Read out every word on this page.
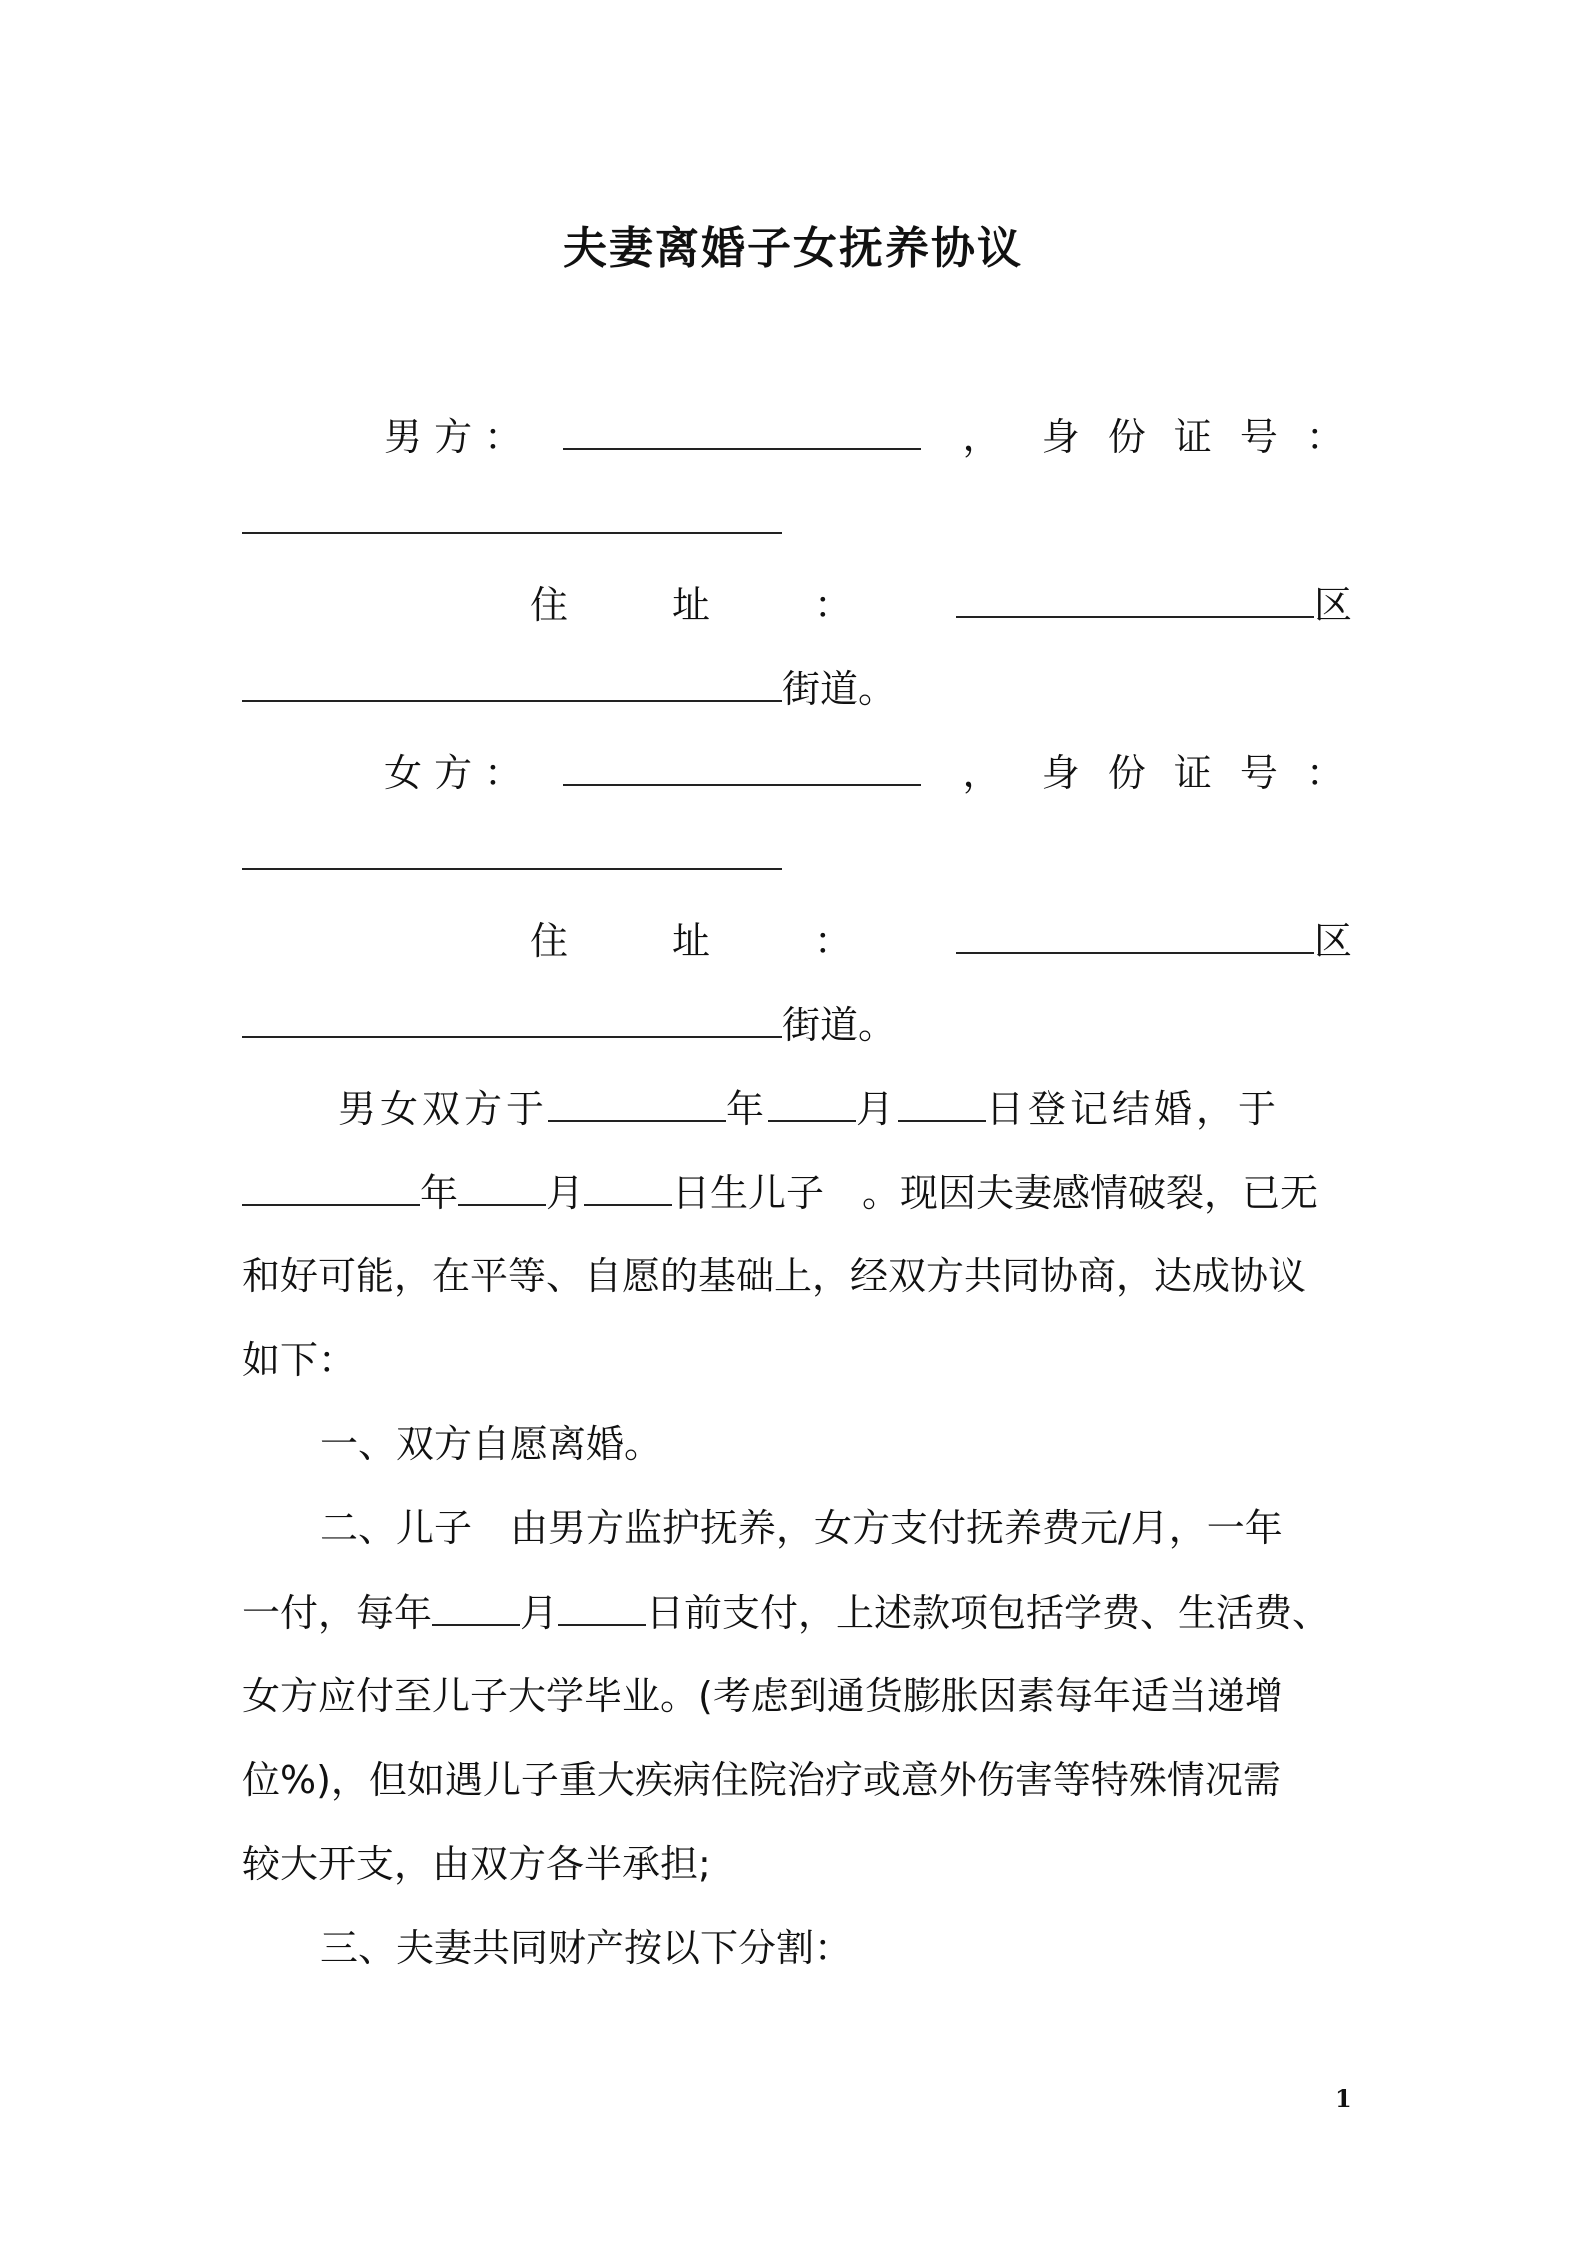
夫妻离婚子女抚养协议
男 方 ：	， 身 份 证 号 ：
住	址	：	区
街道。
女 方 ：	， 身 份 证 号 ：
住	址	：	区
街道。
男女双方于	年 月 日登记结婚，于
年 月 日生儿子　。现因夫妻感情破裂，已无
和好可能，在平等、自愿的基础上，经双方共同协商，达成协议
如下：
一、双方自愿离婚。
二、儿子　由男方监护抚养，女方支付抚养费元/月，一年
一付，每年 月 日前支付，上述款项包括学费、生活费、
女方应付至儿子大学毕业。(考虑到通货膨胀因素每年适当递增
位%)，但如遇儿子重大疾病住院治疗或意外伤害等特殊情况需
较大开支，由双方各半承担;
三、夫妻共同财产按以下分割：
1
